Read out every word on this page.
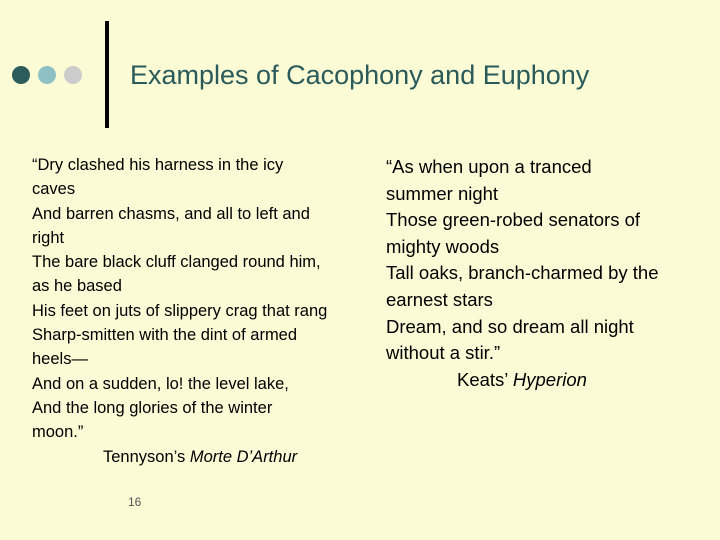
Examples of Cacophony and Euphony
“Dry clashed his harness in the icy
caves
And barren chasms, and all to left and
right
The bare black cluff clanged round him,
as he based
His feet on juts of slippery crag that rang
Sharp-smitten with the dint of armed
heels—
And on a sudden, lo! the level lake,
And the long glories of the winter
moon.”
Tennyson’s Morte D’Arthur
“As when upon a tranced
summer night
Those green-robed senators of
mighty woods
Tall oaks, branch-charmed by the
earnest stars
Dream, and so dream all night
without a stir.”
Keats’ Hyperion
16
